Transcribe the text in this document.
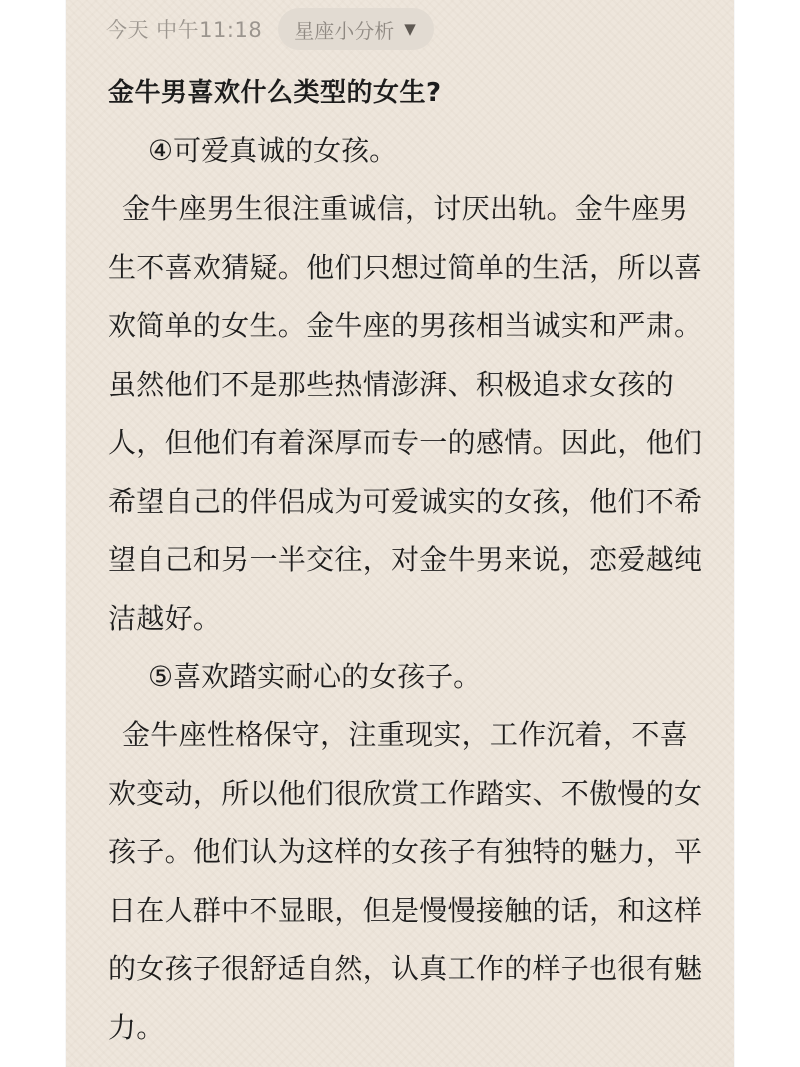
今天 中午11:18 星座小分析 ▼

金牛男喜欢什么类型的女生?

④可爱真诚的女孩。

金牛座男生很注重诚信，讨厌出轨。金牛座男生不喜欢猜疑。他们只想过简单的生活，所以喜欢简单的女生。金牛座的男孩相当诚实和严肃。虽然他们不是那些热情澎湃、积极追求女孩的人，但他们有着深厚而专一的感情。因此，他们希望自己的伴侣成为可爱诚实的女孩，他们不希望自己和另一半交往，对金牛男来说，恋爱越纯洁越好。

⑤喜欢踏实耐心的女孩子。

金牛座性格保守，注重现实，工作沉着，不喜欢变动，所以他们很欣赏工作踏实、不傲慢的女孩子。他们认为这样的女孩子有独特的魅力，平日在人群中不显眼，但是慢慢接触的话，和这样的女孩子很舒适自然，认真工作的样子也很有魅力。
